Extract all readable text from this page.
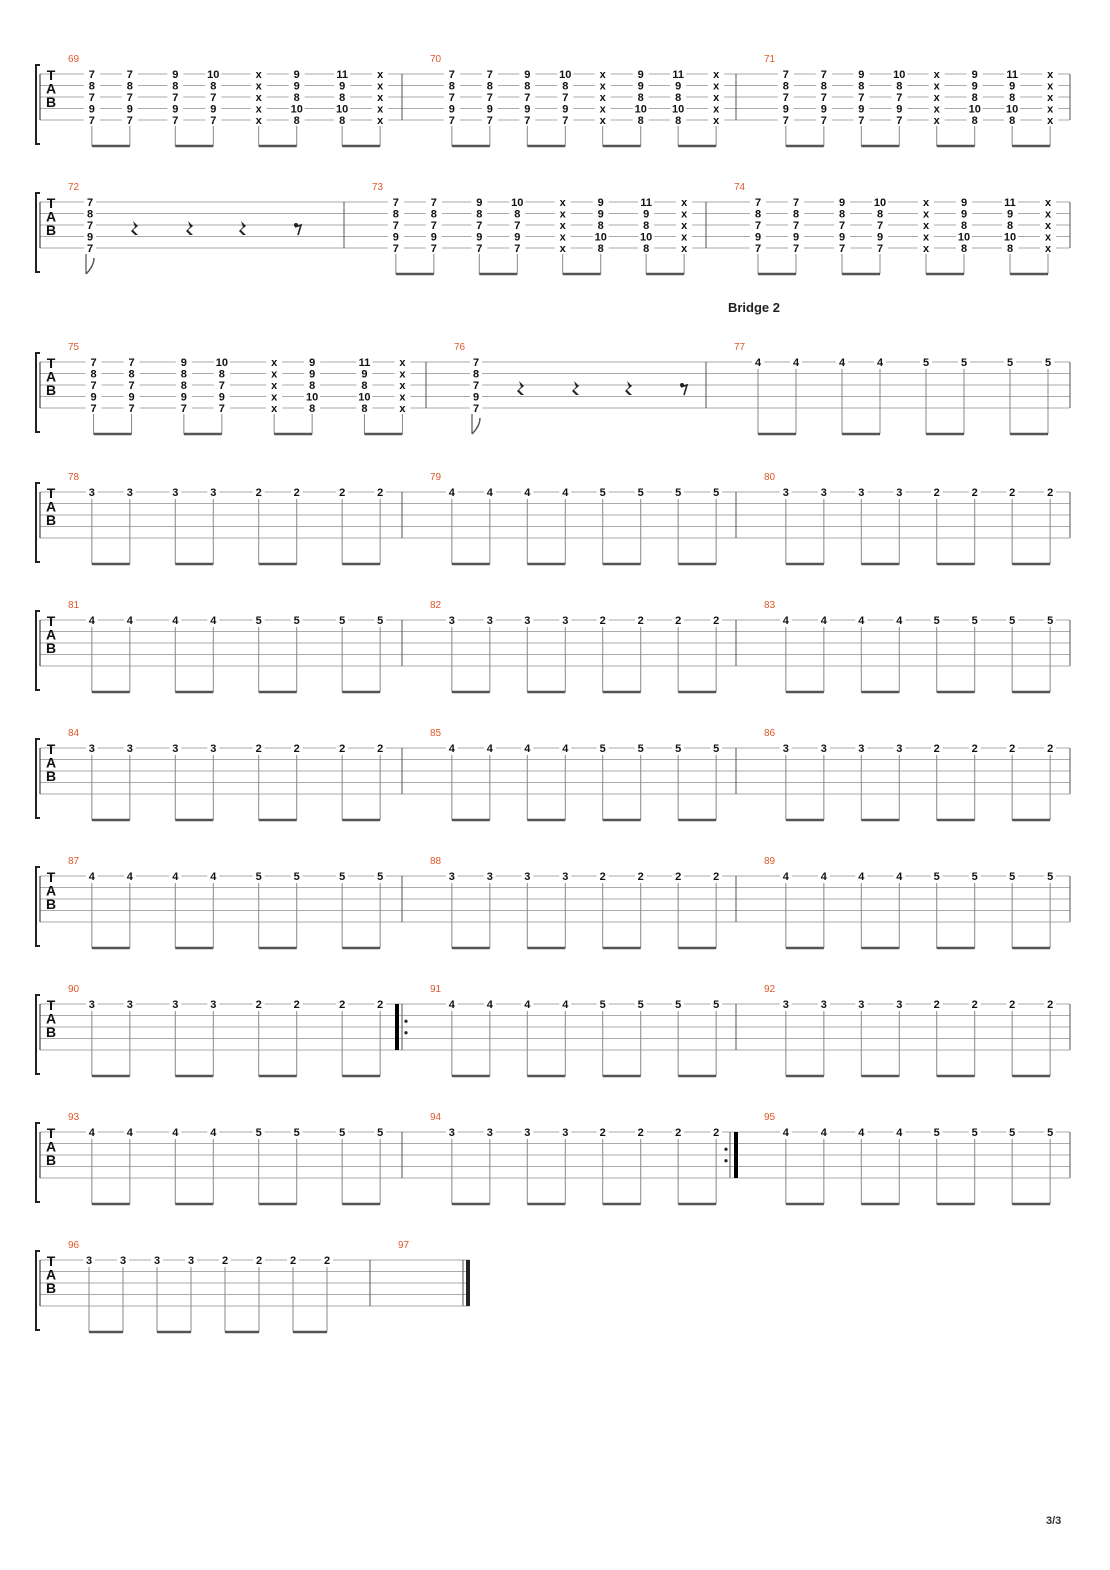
T
A
B
69	70	71
7
8
7
9
7
7
8
7
9
7
9
8
7
9
7
10
8
7
9
7
x
x
x
x
x
9
9
8
10
8
11
9
8
10
8
x
x
x
x
x
7
8
7
9
7
7
8
7
9
7
9
8
7
9
7
10
8
7
9
7
x
x
x
x
x
9
9
8
10
8
11
9
8
10
8
x
x
x
x
x
7
8
7
9
7
7
8
7
9
7
9
8
7
9
7
10
8
7
9
7
x
x
x
x
x
9
9
8
10
8
11
9
8
10
8
x
x
x
x
x
T
A
B
72	73	74
7
8
7
9
7
7
8
7
9
7
7
8
7
9
7
9
8
7
9
7
10
8
7
9
7
x
x
x
x
x
9
9
8
10
8
11
9
8
10
8
x
x
x
x
x
7
8
7
9
7
7
8
7
9
7
9
8
7
9
7
10
8
7
9
7
x
x
x
x
x
9
9
8
10
8
11
9
8
10
8
x
x
x
x
x
T
A
B
75	76	77
7
8
7
9
7
7
8
7
9
7
9
8
8
9
7
10
8
7
9
7
x
x
x
x
x
9
9
8
10
8
11
9
8
10
8
x
x
x
x
x
7
8
7
9
7
4	4	4	4	5	5	5	5
Bridge 2
T
A
B
78	79	80
3	3	3	3	2	2	2	2	4	4	4	4	5	5	5	5	3	3	3	3	2	2	2	2
T
A
B
81	82	83
4	4	4	4	5	5	5	5	3	3	3	3	2	2	2	2	4	4	4	4	5	5	5	5
T
A
B
84	85	86
3	3	3	3	2	2	2	2	4	4	4	4	5	5	5	5	3	3	3	3	2	2	2	2
T
A
B
87	88	89
4	4	4	4	5	5	5	5	3	3	3	3	2	2	2	2	4	4	4	4	5	5	5	5
T
A
B
90	91	92
3	3	3	3	2	2	2	2	4	4	4	4	5	5	5	5	3	3	3	3	2	2	2	2
T
A
B
93	94	95
4	4	4	4	5	5	5	5	3	3	3	3	2	2	2	2	4	4	4	4	5	5	5	5
T
A
B
96	97
3	3	3	3	2	2	2	2
3/3
